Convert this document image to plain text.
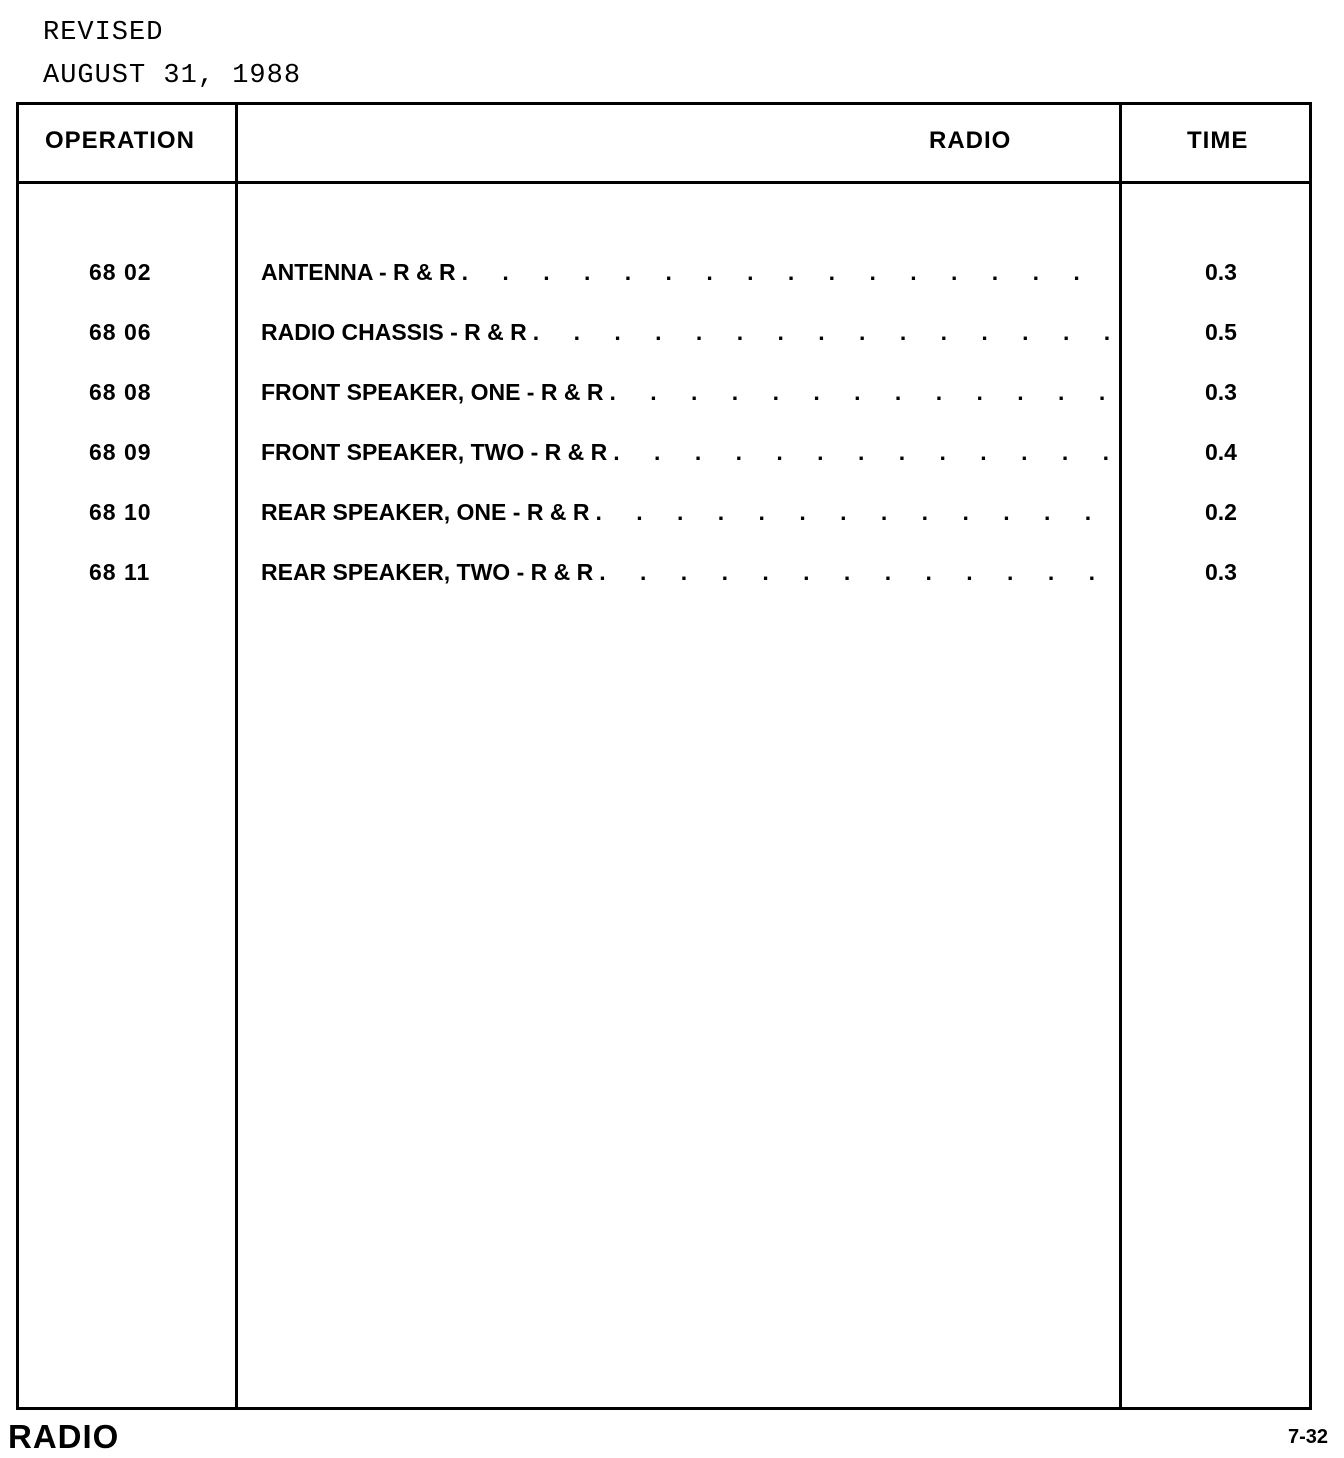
REVISED
AUGUST 31, 1988
OPERATION	RADIO	TIME
68 02	ANTENNA - R & R . . .	0.3
68 06	RADIO CHASSIS - R & R . . .	0.5
68 08	FRONT SPEAKER, ONE - R & R . . .	0.3
68 09	FRONT SPEAKER, TWO - R & R . . .	0.4
68 10	REAR SPEAKER, ONE - R & R . . .	0.2
68 11	REAR SPEAKER, TWO - R & R . . .	0.3
RADIO	7-32
